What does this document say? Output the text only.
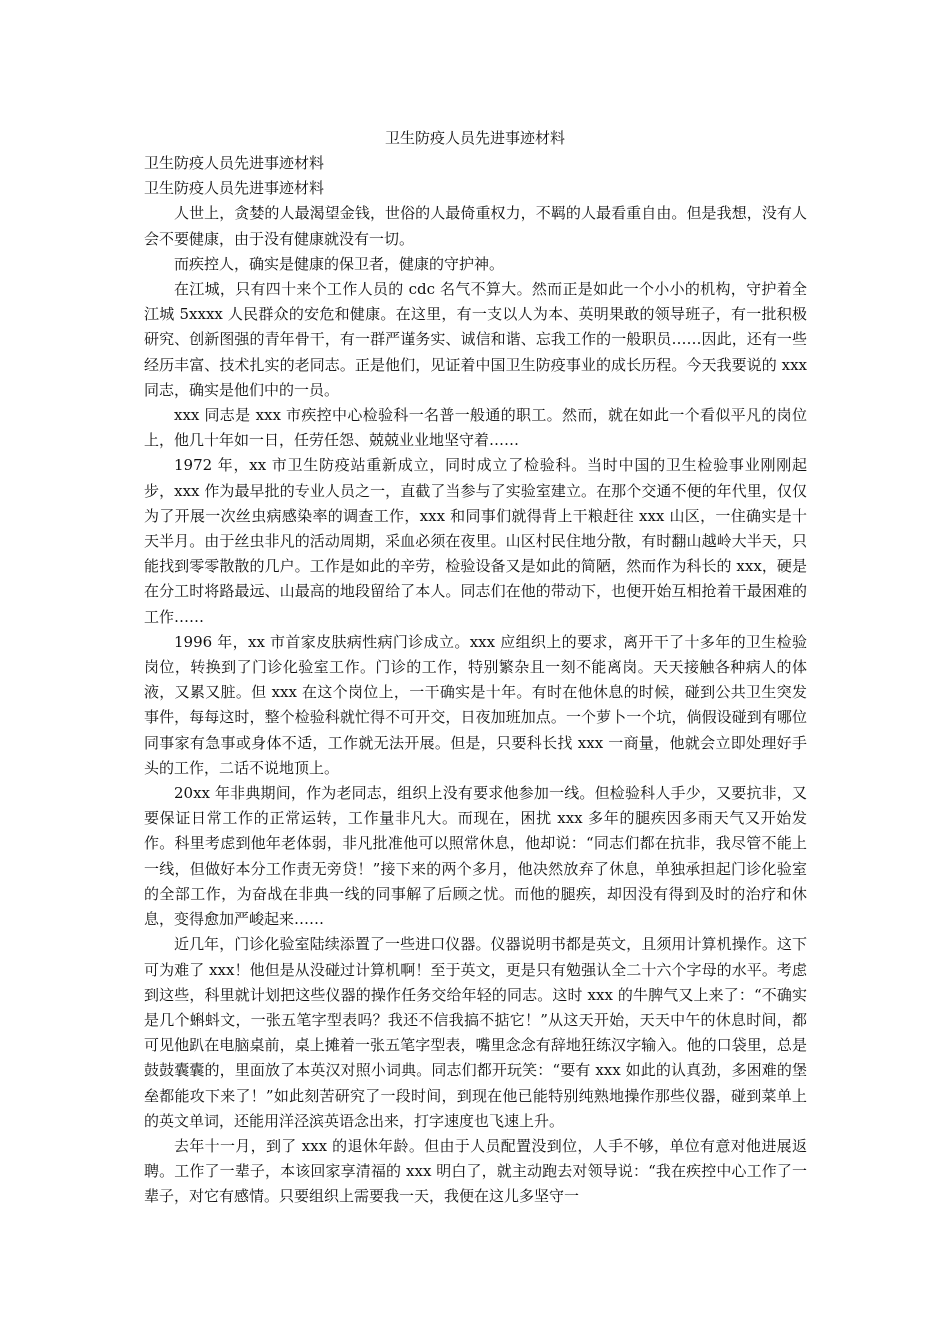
卫生防疫人员先进事迹材料

卫生防疫人员先进事迹材料

卫生防疫人员先进事迹材料

人世上，贪婪的人最渴望金钱，世俗的人最倚重权力，不羁的人最看重自由。但是我想，没有人会不要健康，由于没有健康就没有一切。

而疾控人，确实是健康的保卫者，健康的守护神。

在江城，只有四十来个工作人员的 cdc 名气不算大。然而正是如此一个小小的机构，守护着全江城 5xxxx 人民群众的安危和健康。在这里，有一支以人为本、英明果敢的领导班子，有一批积极研究、创新图强的青年骨干，有一群严谨务实、诚信和谐、忘我工作的一般职员……因此，还有一些经历丰富、技术扎实的老同志。正是他们，见证着中国卫生防疫事业的成长历程。今天我要说的 xxx 同志，确实是他们中的一员。

xxx 同志是 xxx 市疾控中心检验科一名普一般通的职工。然而，就在如此一个看似平凡的岗位上，他几十年如一日，任劳任怨、兢兢业业地坚守着……

1972 年，xx 市卫生防疫站重新成立，同时成立了检验科。当时中国的卫生检验事业刚刚起步，xxx 作为最早批的专业人员之一，直截了当参与了实验室建立。在那个交通不便的年代里，仅仅为了开展一次丝虫病感染率的调查工作，xxx 和同事们就得背上干粮赶往 xxx 山区，一住确实是十天半月。由于丝虫非凡的活动周期，采血必须在夜里。山区村民住地分散，有时翻山越岭大半天，只能找到零零散散的几户。工作是如此的辛劳，检验设备又是如此的简陋，然而作为科长的 xxx，硬是在分工时将路最远、山最高的地段留给了本人。同志们在他的带动下，也便开始互相抢着干最困难的工作……

1996 年，xx 市首家皮肤病性病门诊成立。xxx 应组织上的要求，离开干了十多年的卫生检验岗位，转换到了门诊化验室工作。门诊的工作，特别繁杂且一刻不能离岗。天天接触各种病人的体液，又累又脏。但 xxx 在这个岗位上，一干确实是十年。有时在他休息的时候，碰到公共卫生突发事件，每每这时，整个检验科就忙得不可开交，日夜加班加点。一个萝卜一个坑，倘假设碰到有哪位同事家有急事或身体不适，工作就无法开展。但是，只要科长找 xxx 一商量，他就会立即处理好手头的工作，二话不说地顶上。

20xx 年非典期间，作为老同志，组织上没有要求他参加一线。但检验科人手少，又要抗非，又要保证日常工作的正常运转，工作量非凡大。而现在，困扰 xxx 多年的腿疾因多雨天气又开始发作。科里考虑到他年老体弱，非凡批准他可以照常休息，他却说：“同志们都在抗非，我尽管不能上一线，但做好本分工作责无旁贷！”接下来的两个多月，他决然放弃了休息，单独承担起门诊化验室的全部工作，为奋战在非典一线的同事解了后顾之忧。而他的腿疾，却因没有得到及时的治疗和休息，变得愈加严峻起来……

近几年，门诊化验室陆续添置了一些进口仪器。仪器说明书都是英文，且须用计算机操作。这下可为难了 xxx！他但是从没碰过计算机啊！至于英文，更是只有勉强认全二十六个字母的水平。考虑到这些，科里就计划把这些仪器的操作任务交给年轻的同志。这时 xxx 的牛脾气又上来了：“不确实是几个蝌蚪文，一张五笔字型表吗？我还不信我搞不掂它！”从这天开始，天天中午的休息时间，都可见他趴在电脑桌前，桌上摊着一张五笔字型表，嘴里念念有辞地狂练汉字输入。他的口袋里，总是鼓鼓囊囊的，里面放了本英汉对照小词典。同志们都开玩笑：“要有 xxx 如此的认真劲，多困难的堡垒都能攻下来了！”如此刻苦研究了一段时间，到现在他已能特别纯熟地操作那些仪器，碰到菜单上的英文单词，还能用洋泾滨英语念出来，打字速度也飞速上升。

去年十一月，到了 xxx 的退休年龄。但由于人员配置没到位，人手不够，单位有意对他进展返聘。工作了一辈子，本该回家享清福的 xxx 明白了，就主动跑去对领导说：“我在疾控中心工作了一辈子，对它有感情。只要组织上需要我一天，我便在这儿多坚守一
